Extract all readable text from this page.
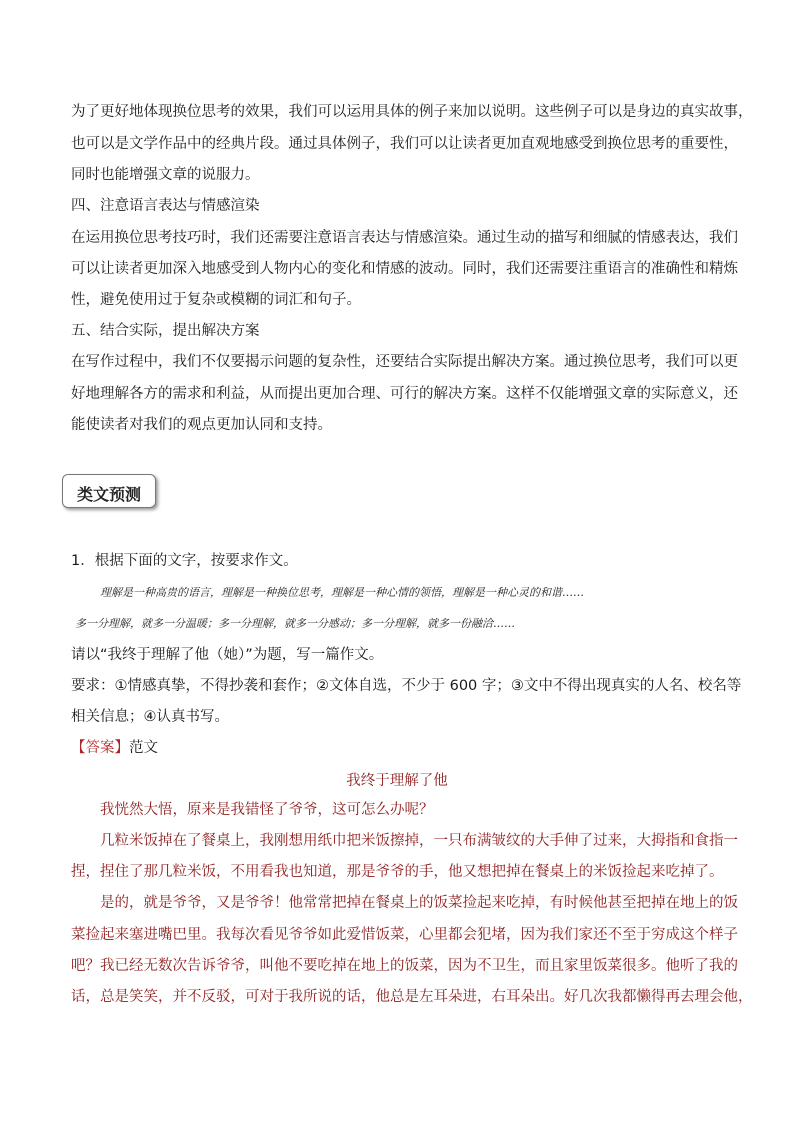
为了更好地体现换位思考的效果，我们可以运用具体的例子来加以说明。这些例子可以是身边的真实故事，
也可以是文学作品中的经典片段。通过具体例子，我们可以让读者更加直观地感受到换位思考的重要性，
同时也能增强文章的说服力。
四、注意语言表达与情感渲染
在运用换位思考技巧时，我们还需要注意语言表达与情感渲染。通过生动的描写和细腻的情感表达，我们
可以让读者更加深入地感受到人物内心的变化和情感的波动。同时，我们还需要注重语言的准确性和精炼
性，避免使用过于复杂或模糊的词汇和句子。
五、结合实际，提出解决方案
在写作过程中，我们不仅要揭示问题的复杂性，还要结合实际提出解决方案。通过换位思考，我们可以更
好地理解各方的需求和利益，从而提出更加合理、可行的解决方案。这样不仅能增强文章的实际意义，还
能使读者对我们的观点更加认同和支持。
类文预测
1．根据下面的文字，按要求作文。
理解是一种高贵的语言，理解是一种换位思考，理解是一种心情的领悟，理解是一种心灵的和谐……
多一分理解，就多一分温暖；多一分理解，就多一分感动；多一分理解，就多一份融洽……
请以“我终于理解了他（她）”为题，写一篇作文。
要求：①情感真挚，不得抄袭和套作；②文体自选，不少于 600 字；③文中不得出现真实的人名、校名等
相关信息；④认真书写。
【答案】范文
我终于理解了他
我恍然大悟，原来是我错怪了爷爷，这可怎么办呢？
几粒米饭掉在了餐桌上，我刚想用纸巾把米饭擦掉，一只布满皱纹的大手伸了过来，大拇指和食指一
捏，捏住了那几粒米饭，不用看我也知道，那是爷爷的手，他又想把掉在餐桌上的米饭捡起来吃掉了。
是的，就是爷爷，又是爷爷！他常常把掉在餐桌上的饭菜捡起来吃掉，有时候他甚至把掉在地上的饭
菜捡起来塞进嘴巴里。我每次看见爷爷如此爱惜饭菜，心里都会犯堵，因为我们家还不至于穷成这个样子
吧？我已经无数次告诉爷爷，叫他不要吃掉在地上的饭菜，因为不卫生，而且家里饭菜很多。他听了我的
话，总是笑笑，并不反驳，可对于我所说的话，他总是左耳朵进，右耳朵出。好几次我都懒得再去理会他，
